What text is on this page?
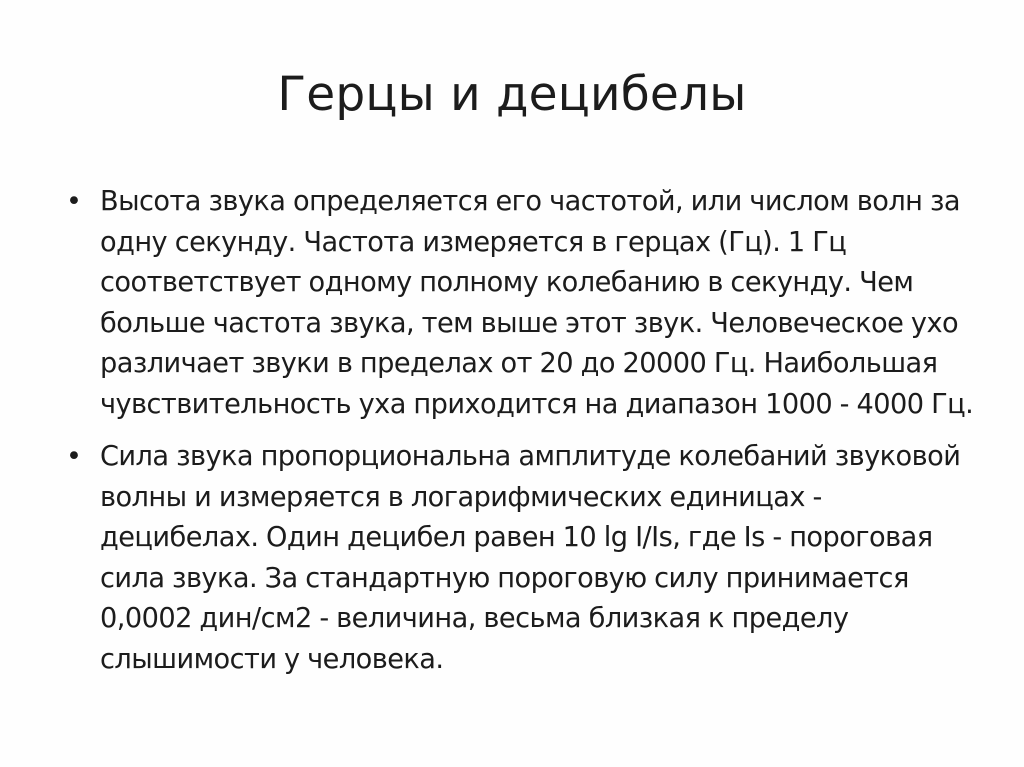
Герцы и децибелы
• Высота звука определяется его частотой, или числом волн за одну секунду. Частота измеряется в герцах (Гц). 1 Гц соответствует одному полному колебанию в секунду. Чем больше частота звука, тем выше этот звук. Человеческое ухо различает звуки в пределах от 20 до 20000 Гц. Наибольшая чувствительность уха приходится на диапазон 1000 - 4000 Гц.
• Сила звука пропорциональна амплитуде колебаний звуковой волны и измеряется в логарифмических единицах - децибелах. Один децибел равен 10 lg I/Is, где Is - пороговая сила звука. За стандартную пороговую силу принимается 0,0002 дин/см2 - величина, весьма близкая к пределу слышимости у человека.
